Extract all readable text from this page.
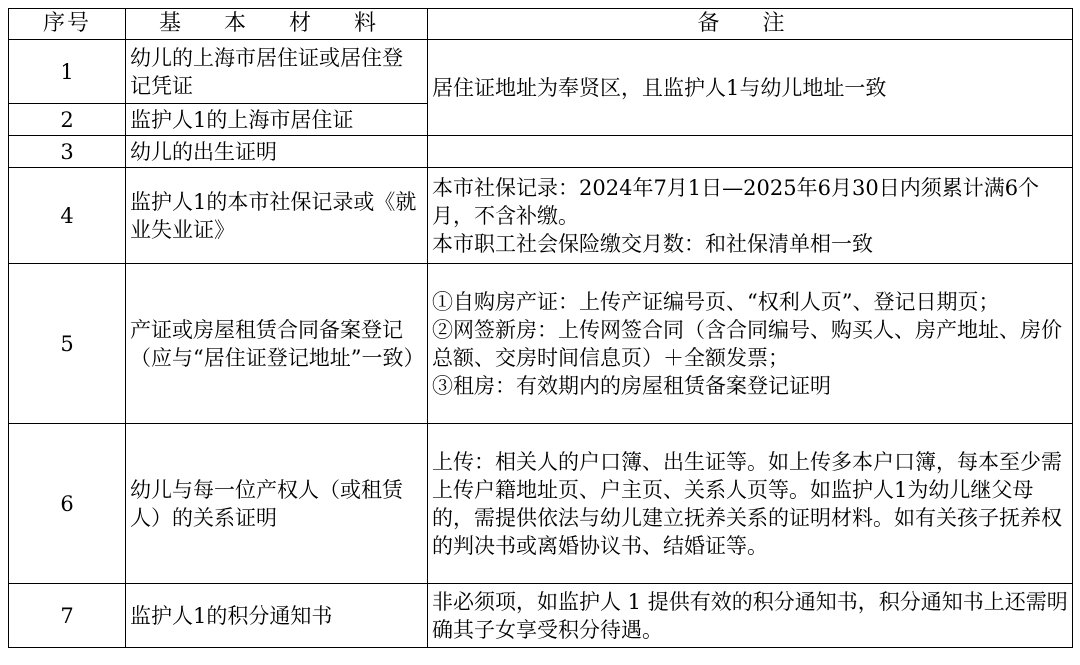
序号	基 本 材 料	备 注
1	幼儿的上海市居住证或居住登记凭证	居住证地址为奉贤区，且监护人1与幼儿地址一致
2	监护人1的上海市居住证	
3	幼儿的出生证明	
4	监护人1的本市社保记录或《就业失业证》	本市社保记录：2024年7月1日—2025年6月30日内须累计满6个月，不含补缴。
本市职工社会保险缴交月数：和社保清单相一致

5	产证或房屋租赁合同备案登记（应与“居住证登记地址”一致）	①自购房产证：上传产证编号页、“权利人页”、登记日期页；
②网签新房：上传网签合同（含合同编号、购买人、房产地址、房价总额、交房时间信息页）＋全额发票；
③租房：有效期内的房屋租赁备案登记证明

6	幼儿与每一位产权人（或租赁人）的关系证明	上传：相关人的户口簿、出生证等。如上传多本户口簿，每本至少需上传户籍地址页、户主页、关系人页等。如监护人1为幼儿继父母的，需提供依法与幼儿建立抚养关系的证明材料。如有关孩子抚养权的判决书或离婚协议书、结婚证等。
7	监护人1的积分通知书	非必须项，如监护人 1 提供有效的积分通知书，积分通知书上还需明确其子女享受积分待遇。
